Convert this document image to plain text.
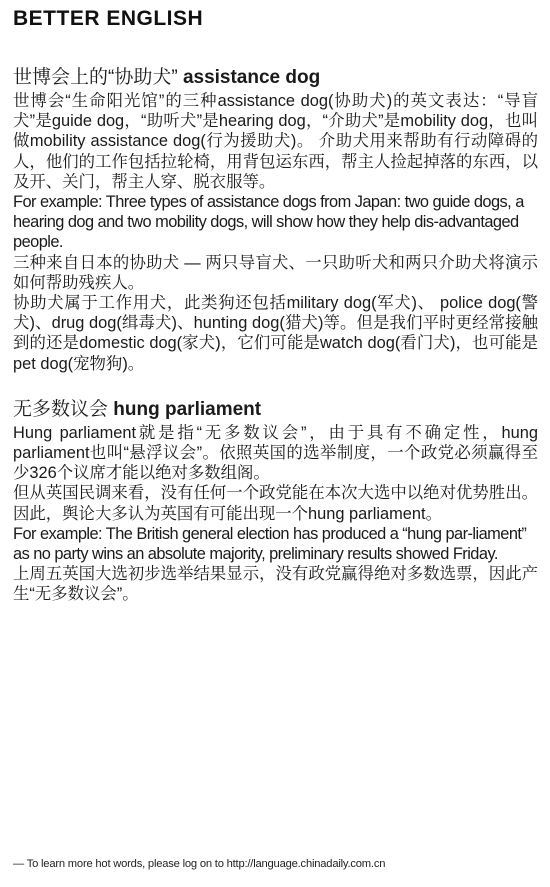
BETTER ENGLISH
世博会上的“协助犬” assistance dog

世博会“生命阳光馆”的三种assistance dog(协助犬)的英文表达：“导盲犬”是guide dog，“助听犬”是hearing dog，“介助犬”是mobility dog，也叫做mobility assistance dog(行为援助犬)。 介助犬用来帮助有行动障碍的人，他们的工作包括拉轮椅，用背包运东西，帮主人捡起掉落的东西，以及开、关门，帮主人穿、脱衣服等。

For example: Three types of assistance dogs from Japan: two guide dogs, a hearing dog and two mobility dogs, will show how they help dis-advantaged people.

三种来自日本的协助犬 — 两只导盲犬、一只助听犬和两只介助犬将演示如何帮助残疾人。

协助犬属于工作用犬，此类狗还包括military dog(军犬)、 police dog(警犬)、drug dog(缉毒犬)、hunting dog(猎犬)等。但是我们平时更经常接触到的还是domestic dog(家犬)，它们可能是watch dog(看门犬)，也可能是pet dog(宠物狗)。

无多数议会 hung parliament

Hung parliament就是指“无多数议会”，由于具有不确定性，hung parliament也叫“悬浮议会”。依照英国的选举制度，一个政党必须赢得至少326个议席才能以绝对多数组阁。

但从英国民调来看，没有任何一个政党能在本次大选中以绝对优势胜出。因此，舆论大多认为英国有可能出现一个hung parliament。

For example: The British general election has produced a “hung par-liament” as no party wins an absolute majority, preliminary results showed Friday.

上周五英国大选初步选举结果显示，没有政党赢得绝对多数选票，因此产生“无多数议会”。

— To learn more hot words, please log on to http://language.chinadaily.com.cn
